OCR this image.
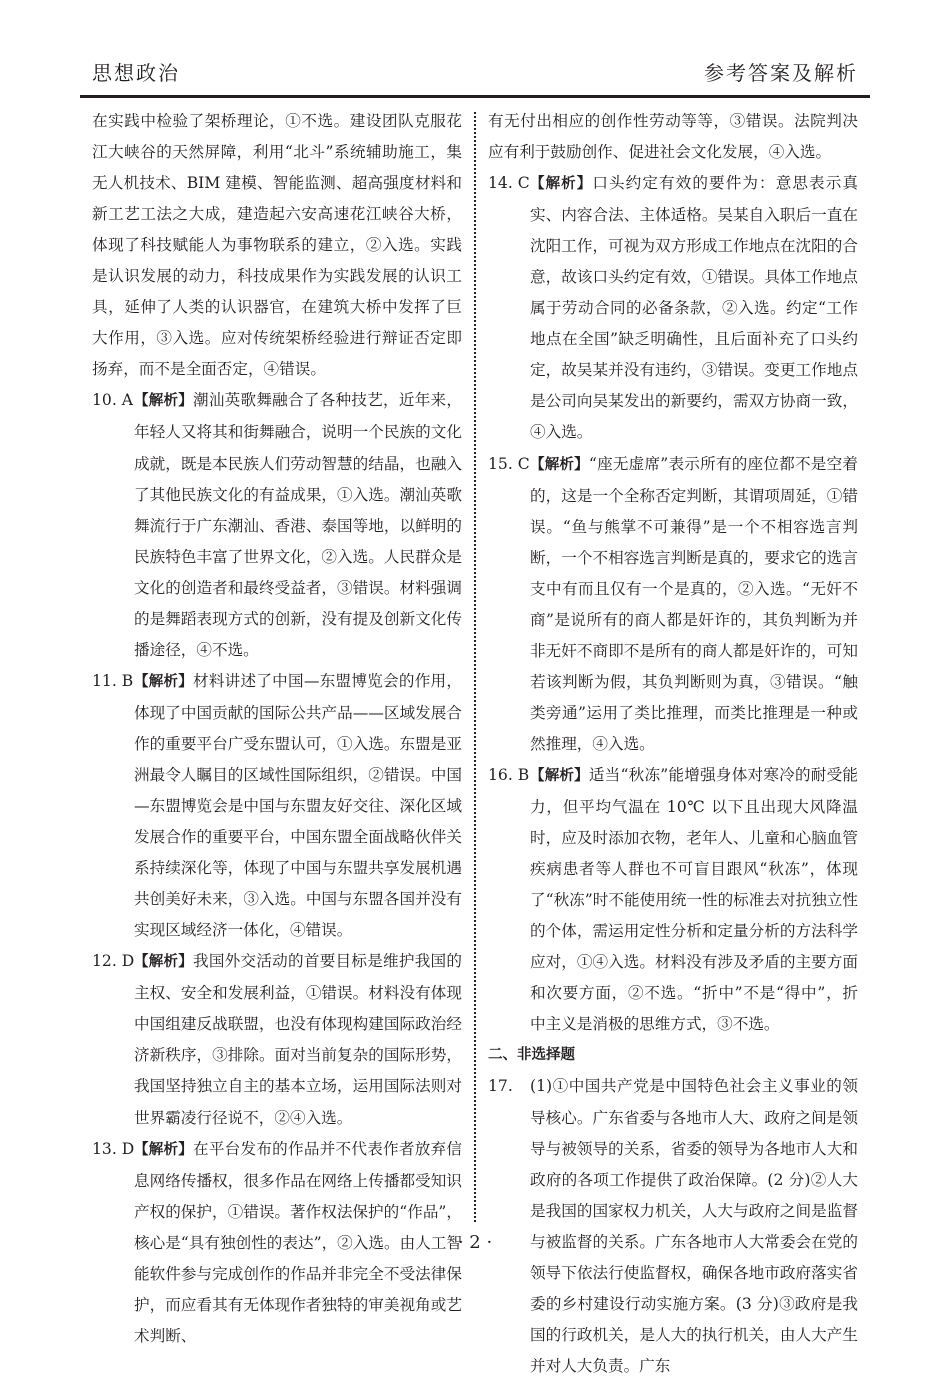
思想政治	参考答案及解析
在实践中检验了架桥理论，①不选。建设团队克服花江大峡谷的天然屏障，利用“北斗”系统辅助施工，集无人机技术、BIM 建模、智能监测、超高强度材料和新工艺工法之大成，建造起六安高速花江峡谷大桥，体现了科技赋能人为事物联系的建立，②入选。实践是认识发展的动力，科技成果作为实践发展的认识工具，延伸了人类的认识器官，在建筑大桥中发挥了巨大作用，③入选。应对传统架桥经验进行辩证否定即扬弃，而不是全面否定，④错误。
10. A 【解析】潮汕英歌舞融合了各种技艺，近年来，年轻人又将其和街舞融合，说明一个民族的文化成就，既是本民族人们劳动智慧的结晶，也融入了其他民族文化的有益成果，①入选。潮汕英歌舞流行于广东潮汕、香港、泰国等地，以鲜明的民族特色丰富了世界文化，②入选。人民群众是文化的创造者和最终受益者，③错误。材料强调的是舞蹈表现方式的创新，没有提及创新文化传播途径，④不选。
11. B 【解析】材料讲述了中国—东盟博览会的作用，体现了中国贡献的国际公共产品——区域发展合作的重要平台广受东盟认可，①入选。东盟是亚洲最令人瞩目的区域性国际组织，②错误。中国—东盟博览会是中国与东盟友好交往、深化区域发展合作的重要平台，中国东盟全面战略伙伴关系持续深化等，体现了中国与东盟共享发展机遇共创美好未来，③入选。中国与东盟各国并没有实现区域经济一体化，④错误。
12. D 【解析】我国外交活动的首要目标是维护我国的主权、安全和发展利益，①错误。材料没有体现中国组建反战联盟，也没有体现构建国际政治经济新秩序，③排除。面对当前复杂的国际形势，我国坚持独立自主的基本立场，运用国际法则对世界霸凌行径说不，②④入选。
13. D 【解析】在平台发布的作品并不代表作者放弃信息网络传播权，很多作品在网络上传播都受知识产权的保护，①错误。著作权法保护的“作品”，核心是“具有独创性的表达”，②入选。由人工智能软件参与完成创作的作品并非完全不受法律保护，而应看其有无体现作者独特的审美视角或艺术判断、
有无付出相应的创作性劳动等等，③错误。法院判决应有利于鼓励创作、促进社会文化发展，④入选。
14. C 【解析】口头约定有效的要件为：意思表示真实、内容合法、主体适格。吴某自入职后一直在沈阳工作，可视为双方形成工作地点在沈阳的合意，故该口头约定有效，①错误。具体工作地点属于劳动合同的必备条款，②入选。约定“工作地点在全国”缺乏明确性，且后面补充了口头约定，故吴某并没有违约，③错误。变更工作地点是公司向吴某发出的新要约，需双方协商一致，④入选。
15. C 【解析】“座无虚席”表示所有的座位都不是空着的，这是一个全称否定判断，其谓项周延，①错误。“鱼与熊掌不可兼得”是一个不相容选言判断，一个不相容选言判断是真的，要求它的选言支中有而且仅有一个是真的，②入选。“无奸不商”是说所有的商人都是奸诈的，其负判断为并非无奸不商即不是所有的商人都是奸诈的，可知若该判断为假，其负判断则为真，③错误。“触类旁通”运用了类比推理，而类比推理是一种或然推理，④入选。
16. B 【解析】适当“秋冻”能增强身体对寒冷的耐受能力，但平均气温在 10℃ 以下且出现大风降温时，应及时添加衣物，老年人、儿童和心脑血管疾病患者等人群也不可盲目跟风“秋冻”，体现了“秋冻”时不能使用统一性的标准去对抗独立性的个体，需运用定性分析和定量分析的方法科学应对，①④入选。材料没有涉及矛盾的主要方面和次要方面，②不选。“折中”不是“得中”，折中主义是消极的思维方式，③不选。
二、非选择题
17. (1)①中国共产党是中国特色社会主义事业的领导核心。广东省委与各地市人大、政府之间是领导与被领导的关系，省委的领导为各地市人大和政府的各项工作提供了政治保障。(2 分)②人大是我国的国家权力机关，人大与政府之间是监督与被监督的关系。广东各地市人大常委会在党的领导下依法行使监督权，确保各地市政府落实省委的乡村建设行动实施方案。(3 分)③政府是我国的行政机关，是人大的执行机关，由人大产生并对人大负责。广东
· 2 ·
